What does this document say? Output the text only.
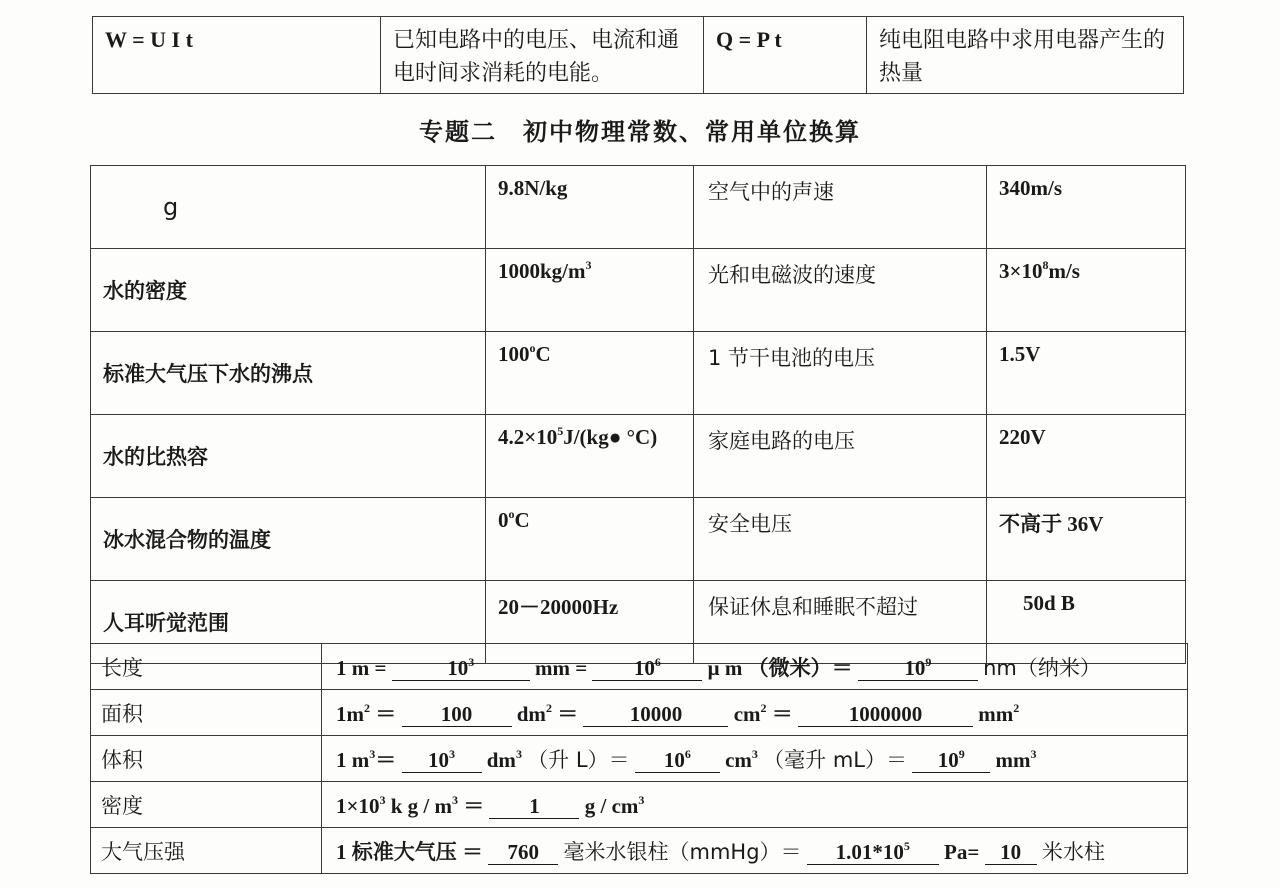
W = U I t	已知电路中的电压、电流和通电时间求消耗的电能。	Q = P t	纯电阻电路中求用电器产生的热量
专题二　初中物理常数、常用单位换算
g	9.8N/kg	空气中的声速	340m/s
水的密度	$1000kg/m^3$	光和电磁波的速度	$3\times 10^8m/s$
标准大气压下水的沸点	100$^o$C	1 节干电池的电压	1.5V
水的比热容	$4.2\times 10^5J/(kg●$ °C)	家庭电路的电压	220V
冰水混合物的温度	0$^o$C	安全电压	不高于 36V
人耳听觉范围	20－20000Hz	保证休息和睡眠不超过	50d B
长度	1 $m = 10^3$ mm = $10^6$ μ m （微米）＝ $10^9$ nm（纳米）
面积	$1m^2 = 100$ $dm^2 = 10000$ $cm^2 = 1000000$ $mm^2$
体积	1 $m^3= 10^3$ $dm^3$ （升 $L)= 10^6$ $cm^3$ （毫升 $mL)= 10^9$ $mm^3$
密度	$1\times 10^3$ k $g / m^3 = 1$ g / $cm^3$
大气压强	1 标准大气压 ＝ 760 毫米水银柱（mmHg）＝ $1.01*10^5$ Pa= 10 米水柱
